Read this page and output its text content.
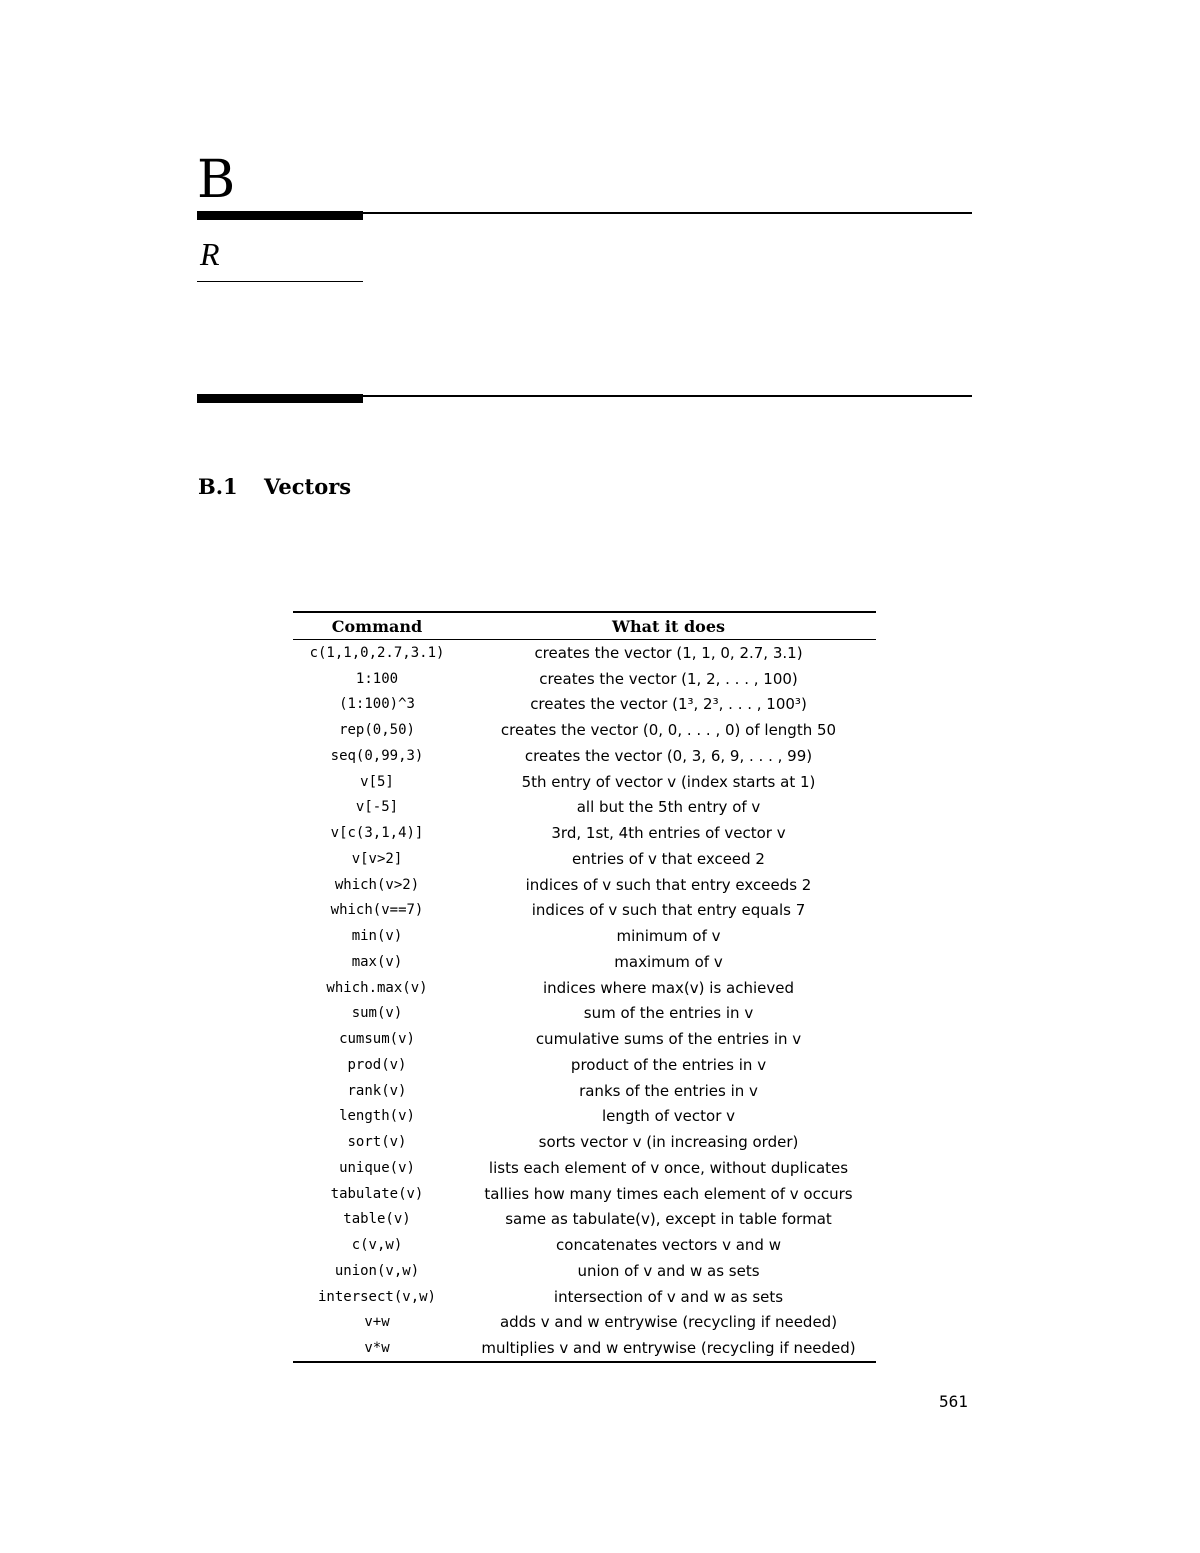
B
R
B.1 Vectors
Command	What it does
c(1,1,0,2.7,3.1)	creates the vector (1, 1, 0, 2.7, 3.1)
1:100	creates the vector (1, 2, . . . , 100)
(1:100)^3	creates the vector (1³, 2³, . . . , 100³)
rep(0,50)	creates the vector (0, 0, . . . , 0) of length 50
seq(0,99,3)	creates the vector (0, 3, 6, 9, . . . , 99)
v[5]	5th entry of vector v (index starts at 1)
v[-5]	all but the 5th entry of v
v[c(3,1,4)]	3rd, 1st, 4th entries of vector v
v[v>2]	entries of v that exceed 2
which(v>2)	indices of v such that entry exceeds 2
which(v==7)	indices of v such that entry equals 7
min(v)	minimum of v
max(v)	maximum of v
which.max(v)	indices where max(v) is achieved
sum(v)	sum of the entries in v
cumsum(v)	cumulative sums of the entries in v
prod(v)	product of the entries in v
rank(v)	ranks of the entries in v
length(v)	length of vector v
sort(v)	sorts vector v (in increasing order)
unique(v)	lists each element of v once, without duplicates
tabulate(v)	tallies how many times each element of v occurs
table(v)	same as tabulate(v), except in table format
c(v,w)	concatenates vectors v and w
union(v,w)	union of v and w as sets
intersect(v,w)	intersection of v and w as sets
v+w	adds v and w entrywise (recycling if needed)
v*w	multiplies v and w entrywise (recycling if needed)
561
